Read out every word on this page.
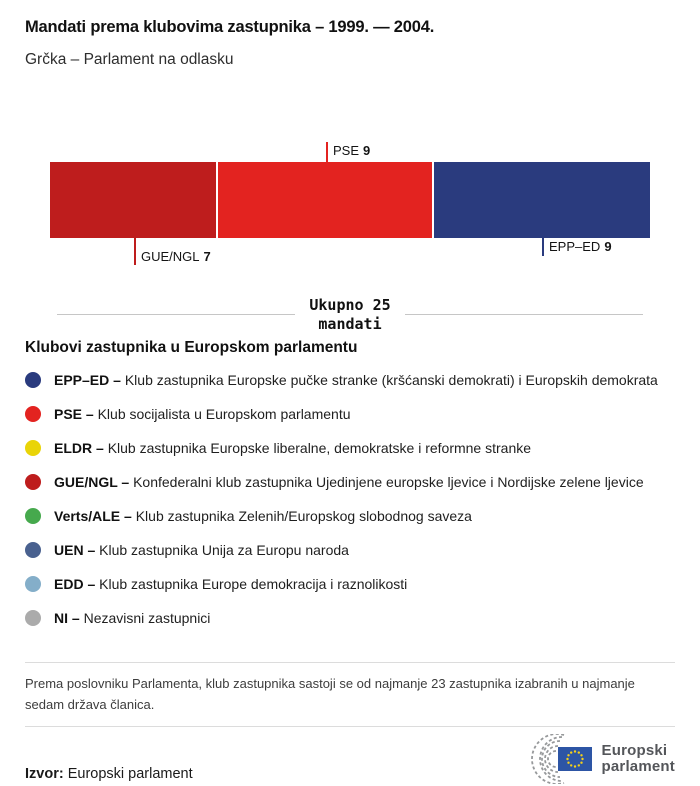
Mandati prema klubovima zastupnika – 1999. — 2004.
Grčka – Parlament na odlasku
GUE/NGL 7
PSE 9
EPP–ED 9
Ukupno 25
mandati
Klubovi zastupnika u Europskom parlamentu
EPP–ED – Klub zastupnika Europske pučke stranke (kršćanski demokrati) i Europskih demokrata
PSE – Klub socijalista u Europskom parlamentu
ELDR – Klub zastupnika Europske liberalne, demokratske i reformne stranke
GUE/NGL – Konfederalni klub zastupnika Ujedinjene europske ljevice i Nordijske zelene ljevice
Verts/ALE – Klub zastupnika Zelenih/Europskog slobodnog saveza
UEN – Klub zastupnika Unija za Europu naroda
EDD – Klub zastupnika Europe demokracija i raznolikosti
NI – Nezavisni zastupnici

Prema poslovniku Parlamenta, klub zastupnika sastoji se od najmanje 23 zastupnika izabranih u najmanje sedam država članica.

Izvor: Europski parlament

Europski
parlament
